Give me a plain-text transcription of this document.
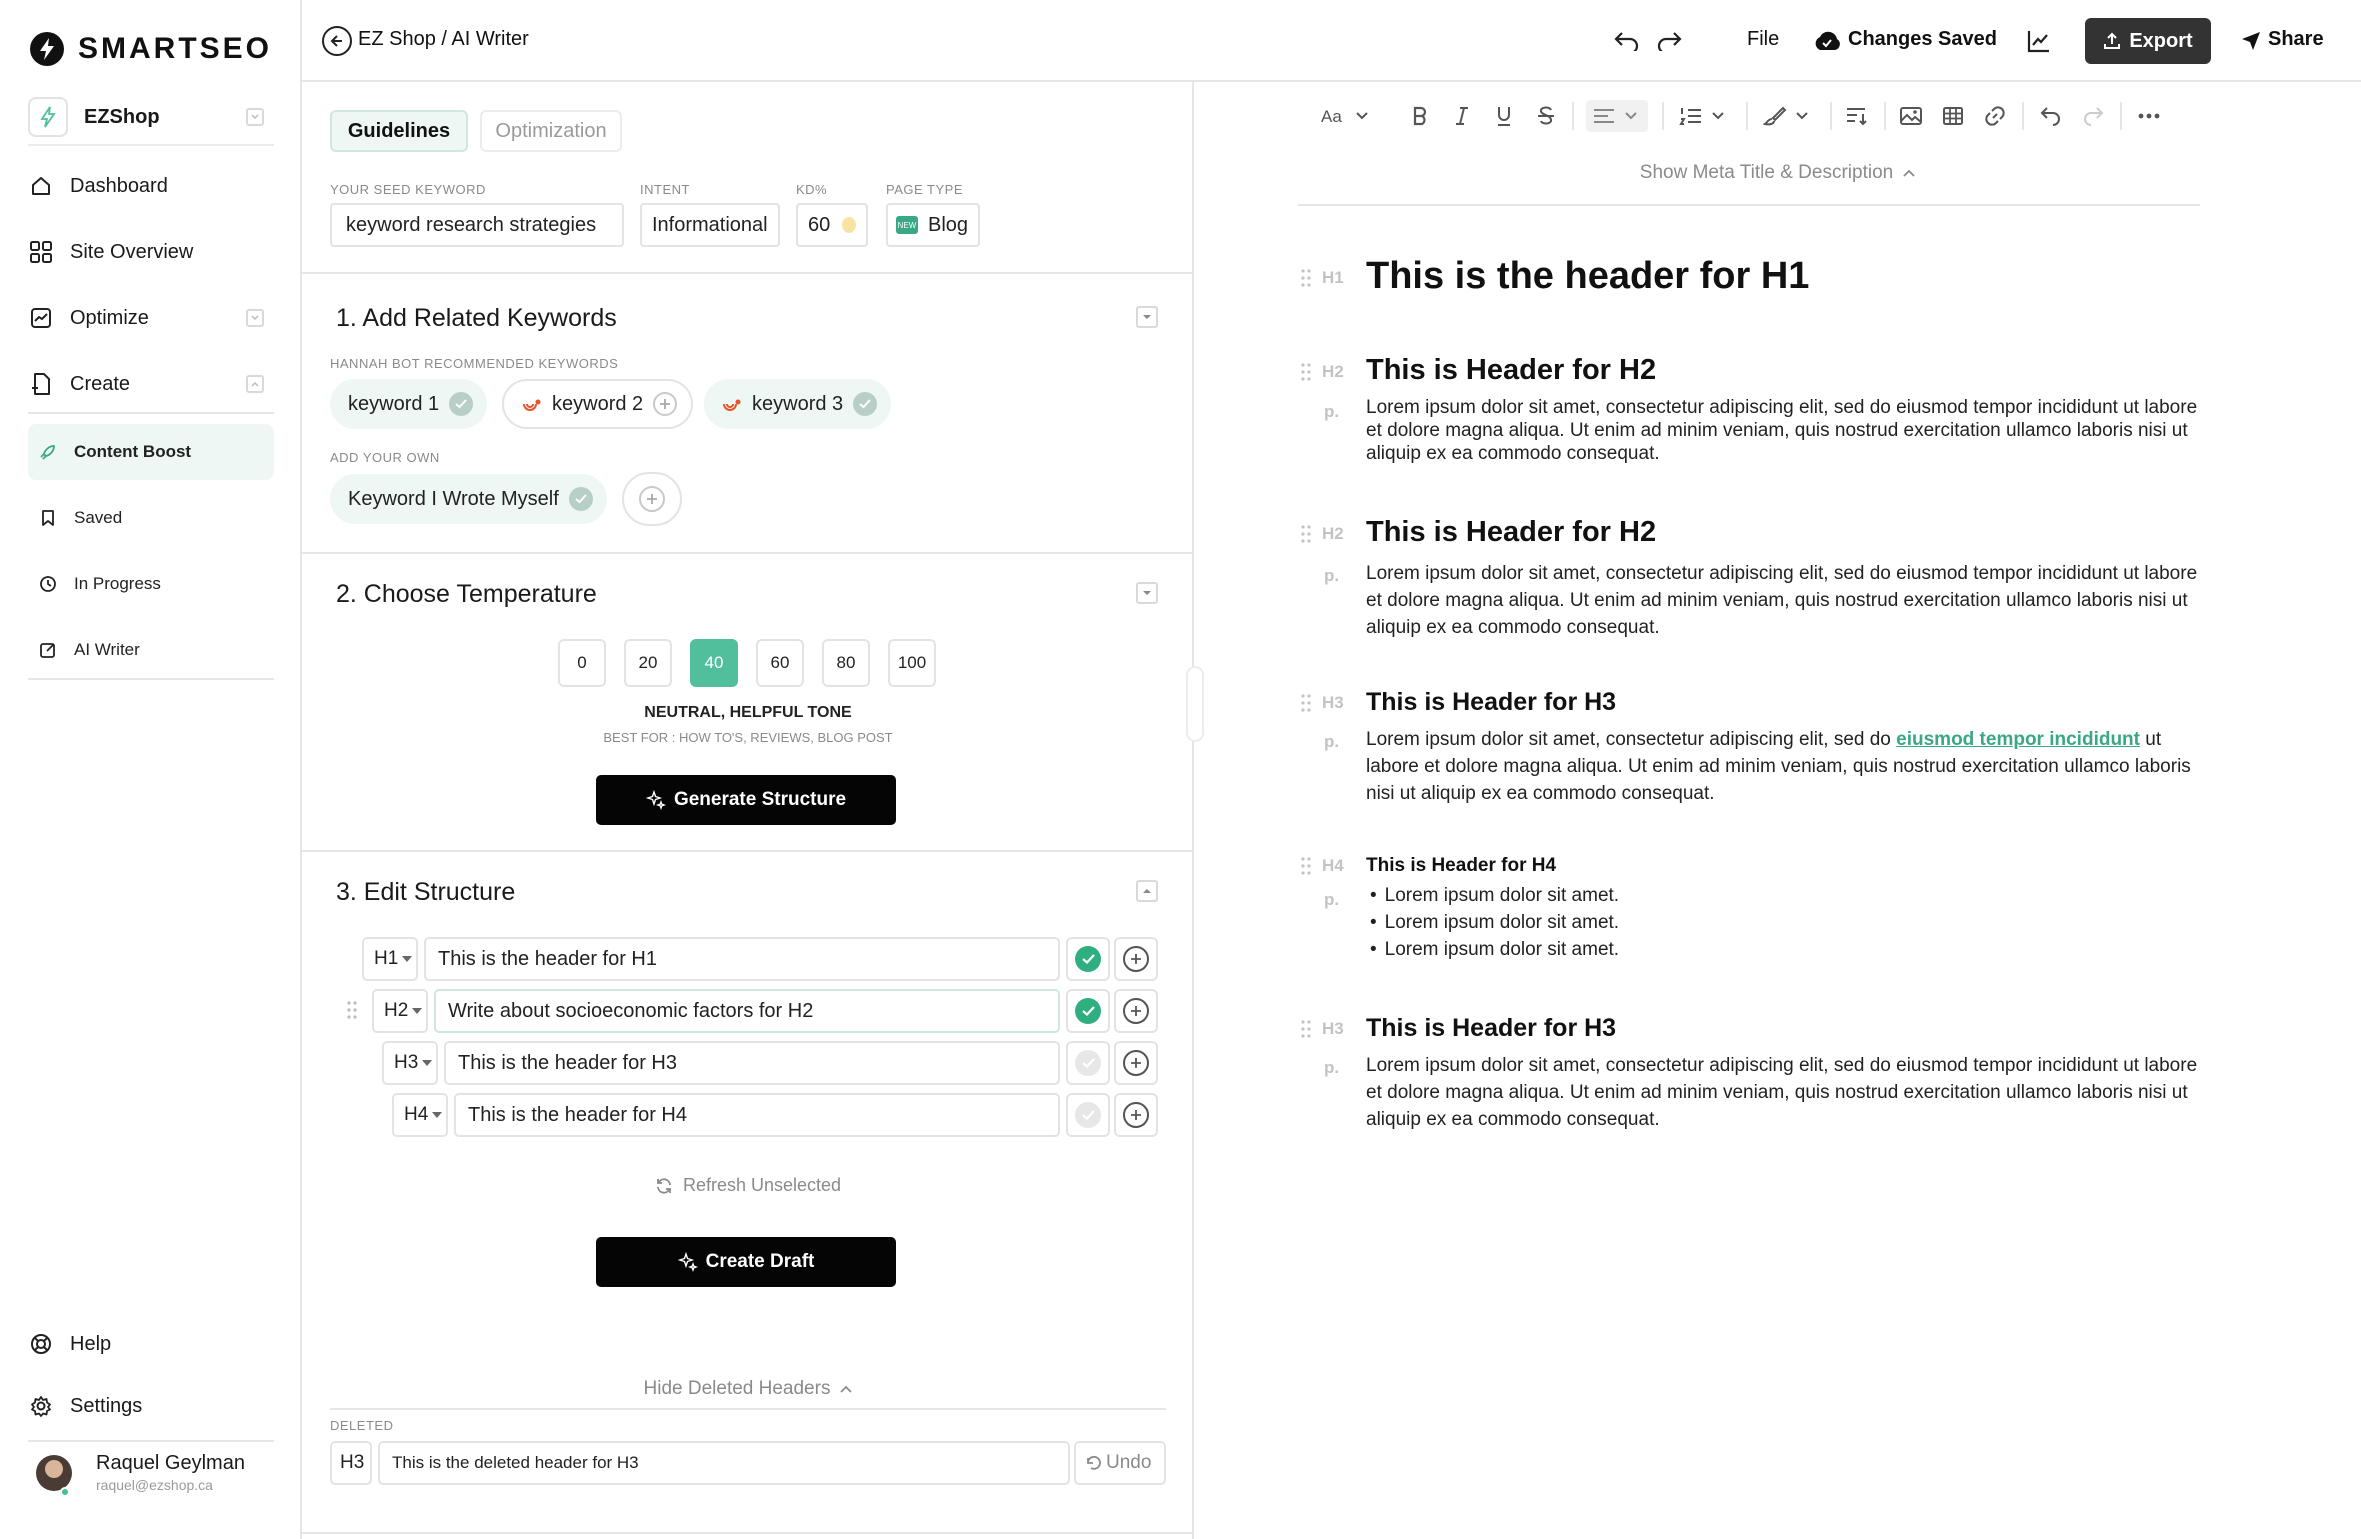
SMARTSEO
EZShop
Dashboard
Site Overview
Optimize
Create
Content Boost
Saved
In Progress
AI Writer
Help
Settings
Raquel Geylman
raquel@ezshop.ca
EZ Shop / AI Writer	File	Changes Saved	Export	Share
Guidelines	Optimization
YOUR SEED KEYWORD
keyword research strategies
INTENT
Informational
KD%
60
PAGE TYPE
NEW Blog
1. Add Related Keywords
HANNAH BOT RECOMMENDED KEYWORDS
keyword 1	keyword 2	keyword 3
ADD YOUR OWN
Keyword I Wrote Myself
2. Choose Temperature
0	20	40	60	80	100
NEUTRAL, HELPFUL TONE
BEST FOR : HOW TO'S, REVIEWS, BLOG POST
Generate Structure
3. Edit Structure
H1	This is the header for H1
H2	Write about socioeconomic factors for H2
H3	This is the header for H3
H4	This is the header for H4
Refresh Unselected
Create Draft
Hide Deleted Headers
DELETED
H3	This is the deleted header for H3	Undo
Aa
Show Meta Title & Description
H1 This is the header for H1
H2 This is Header for H2
p. Lorem ipsum dolor sit amet, consectetur adipiscing elit, sed do eiusmod tempor incididunt ut labore et dolore magna aliqua. Ut enim ad minim veniam, quis nostrud exercitation ullamco laboris nisi ut aliquip ex ea commodo consequat.
H2 This is Header for H2
p. Lorem ipsum dolor sit amet, consectetur adipiscing elit, sed do eiusmod tempor incididunt ut labore et dolore magna aliqua. Ut enim ad minim veniam, quis nostrud exercitation ullamco laboris nisi ut aliquip ex ea commodo consequat.
H3 This is Header for H3
p. Lorem ipsum dolor sit amet, consectetur adipiscing elit, sed do eiusmod tempor incididunt ut labore et dolore magna aliqua. Ut enim ad minim veniam, quis nostrud exercitation ullamco laboris nisi ut aliquip ex ea commodo consequat.
H4 This is Header for H4
p.
•	Lorem ipsum dolor sit amet.
• Lorem ipsum dolor sit amet.
• Lorem ipsum dolor sit amet.
H3 This is Header for H3
p. Lorem ipsum dolor sit amet, consectetur adipiscing elit, sed do eiusmod tempor incididunt ut labore et dolore magna aliqua. Ut enim ad minim veniam, quis nostrud exercitation ullamco laboris nisi ut aliquip ex ea commodo consequat.
